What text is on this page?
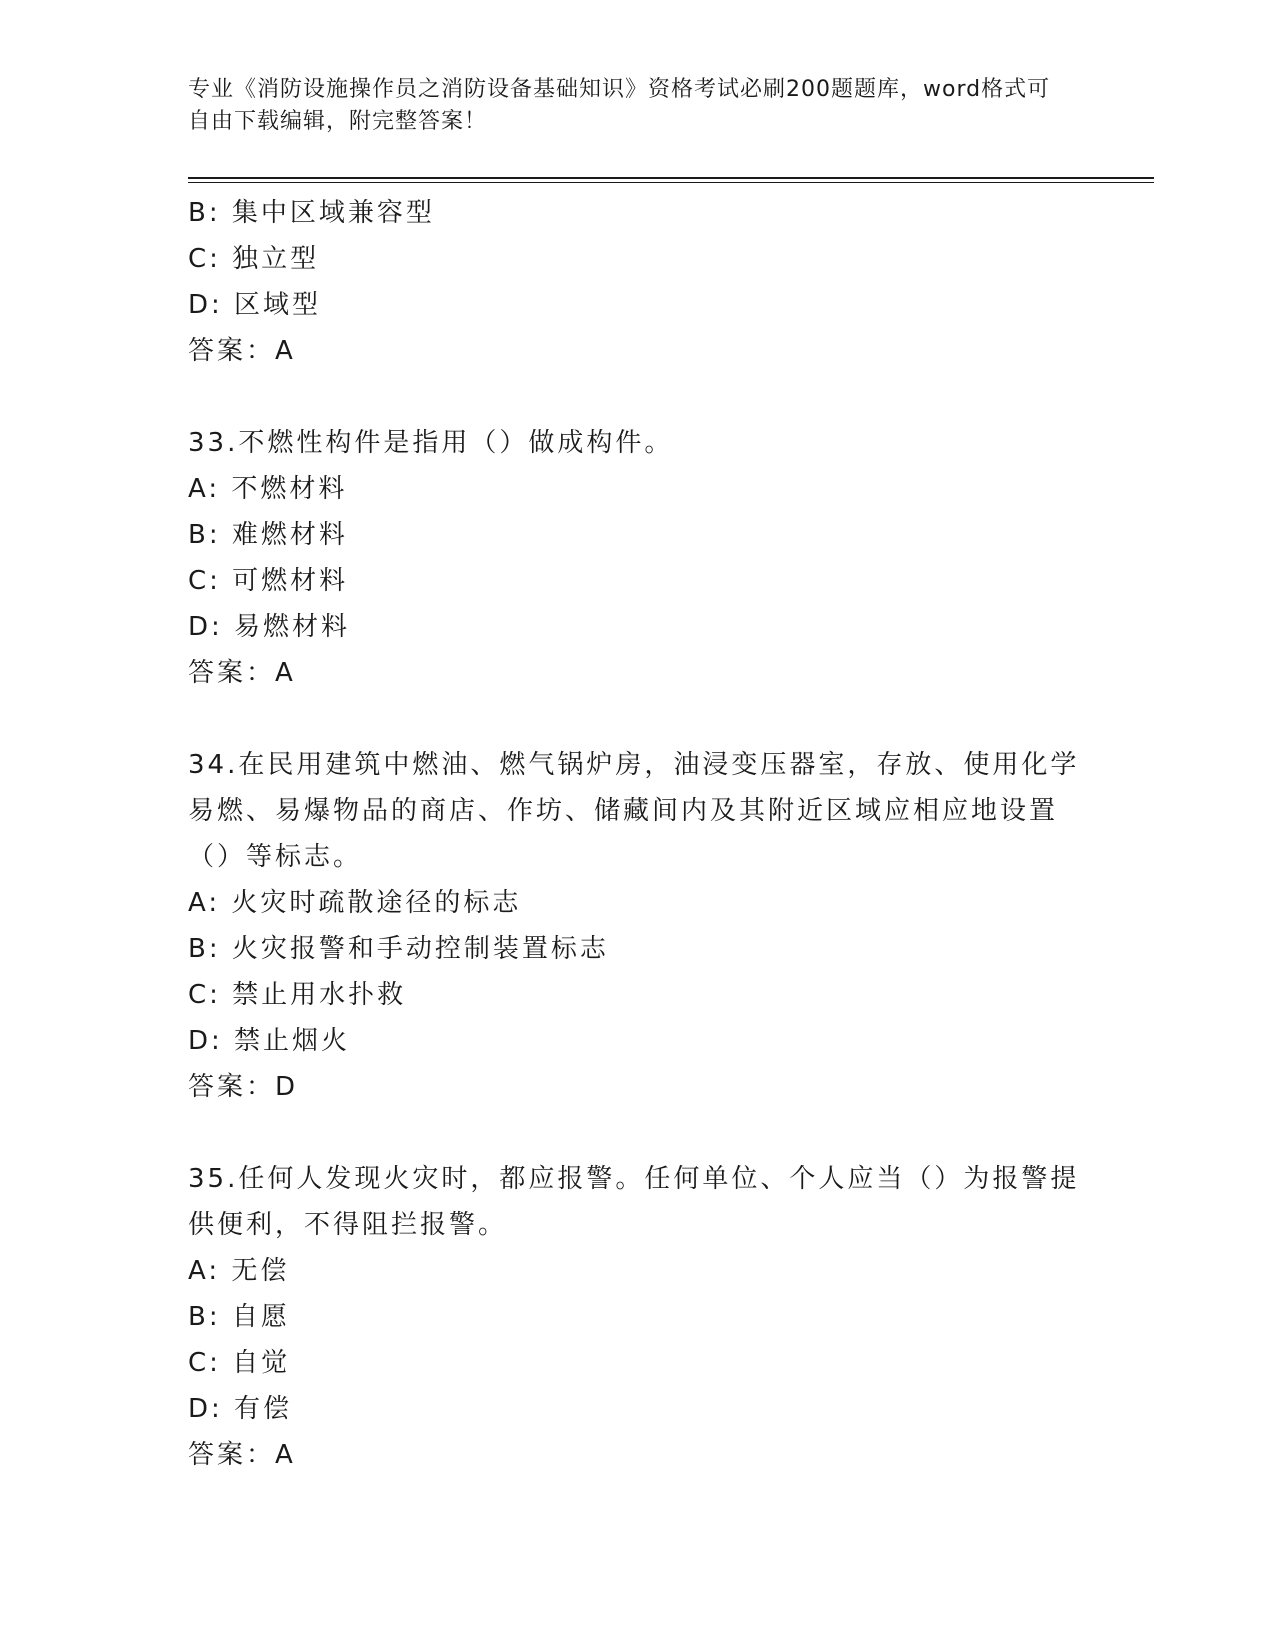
专业《消防设施操作员之消防设备基础知识》资格考试必刷200题题库，word格式可自由下载编辑，附完整答案！
B: 集中区域兼容型
C: 独立型
D: 区域型
答案：A
33.不燃性构件是指用（）做成构件。
A: 不燃材料
B: 难燃材料
C: 可燃材料
D: 易燃材料
答案：A
34.在民用建筑中燃油、燃气锅炉房，油浸变压器室，存放、使用化学易燃、易爆物品的商店、作坊、储藏间内及其附近区域应相应地设置（）等标志。
A: 火灾时疏散途径的标志
B: 火灾报警和手动控制装置标志
C: 禁止用水扑救
D: 禁止烟火
答案：D
35.任何人发现火灾时，都应报警。任何单位、个人应当（）为报警提供便利，不得阻拦报警。
A: 无偿
B: 自愿
C: 自觉
D: 有偿
答案：A
